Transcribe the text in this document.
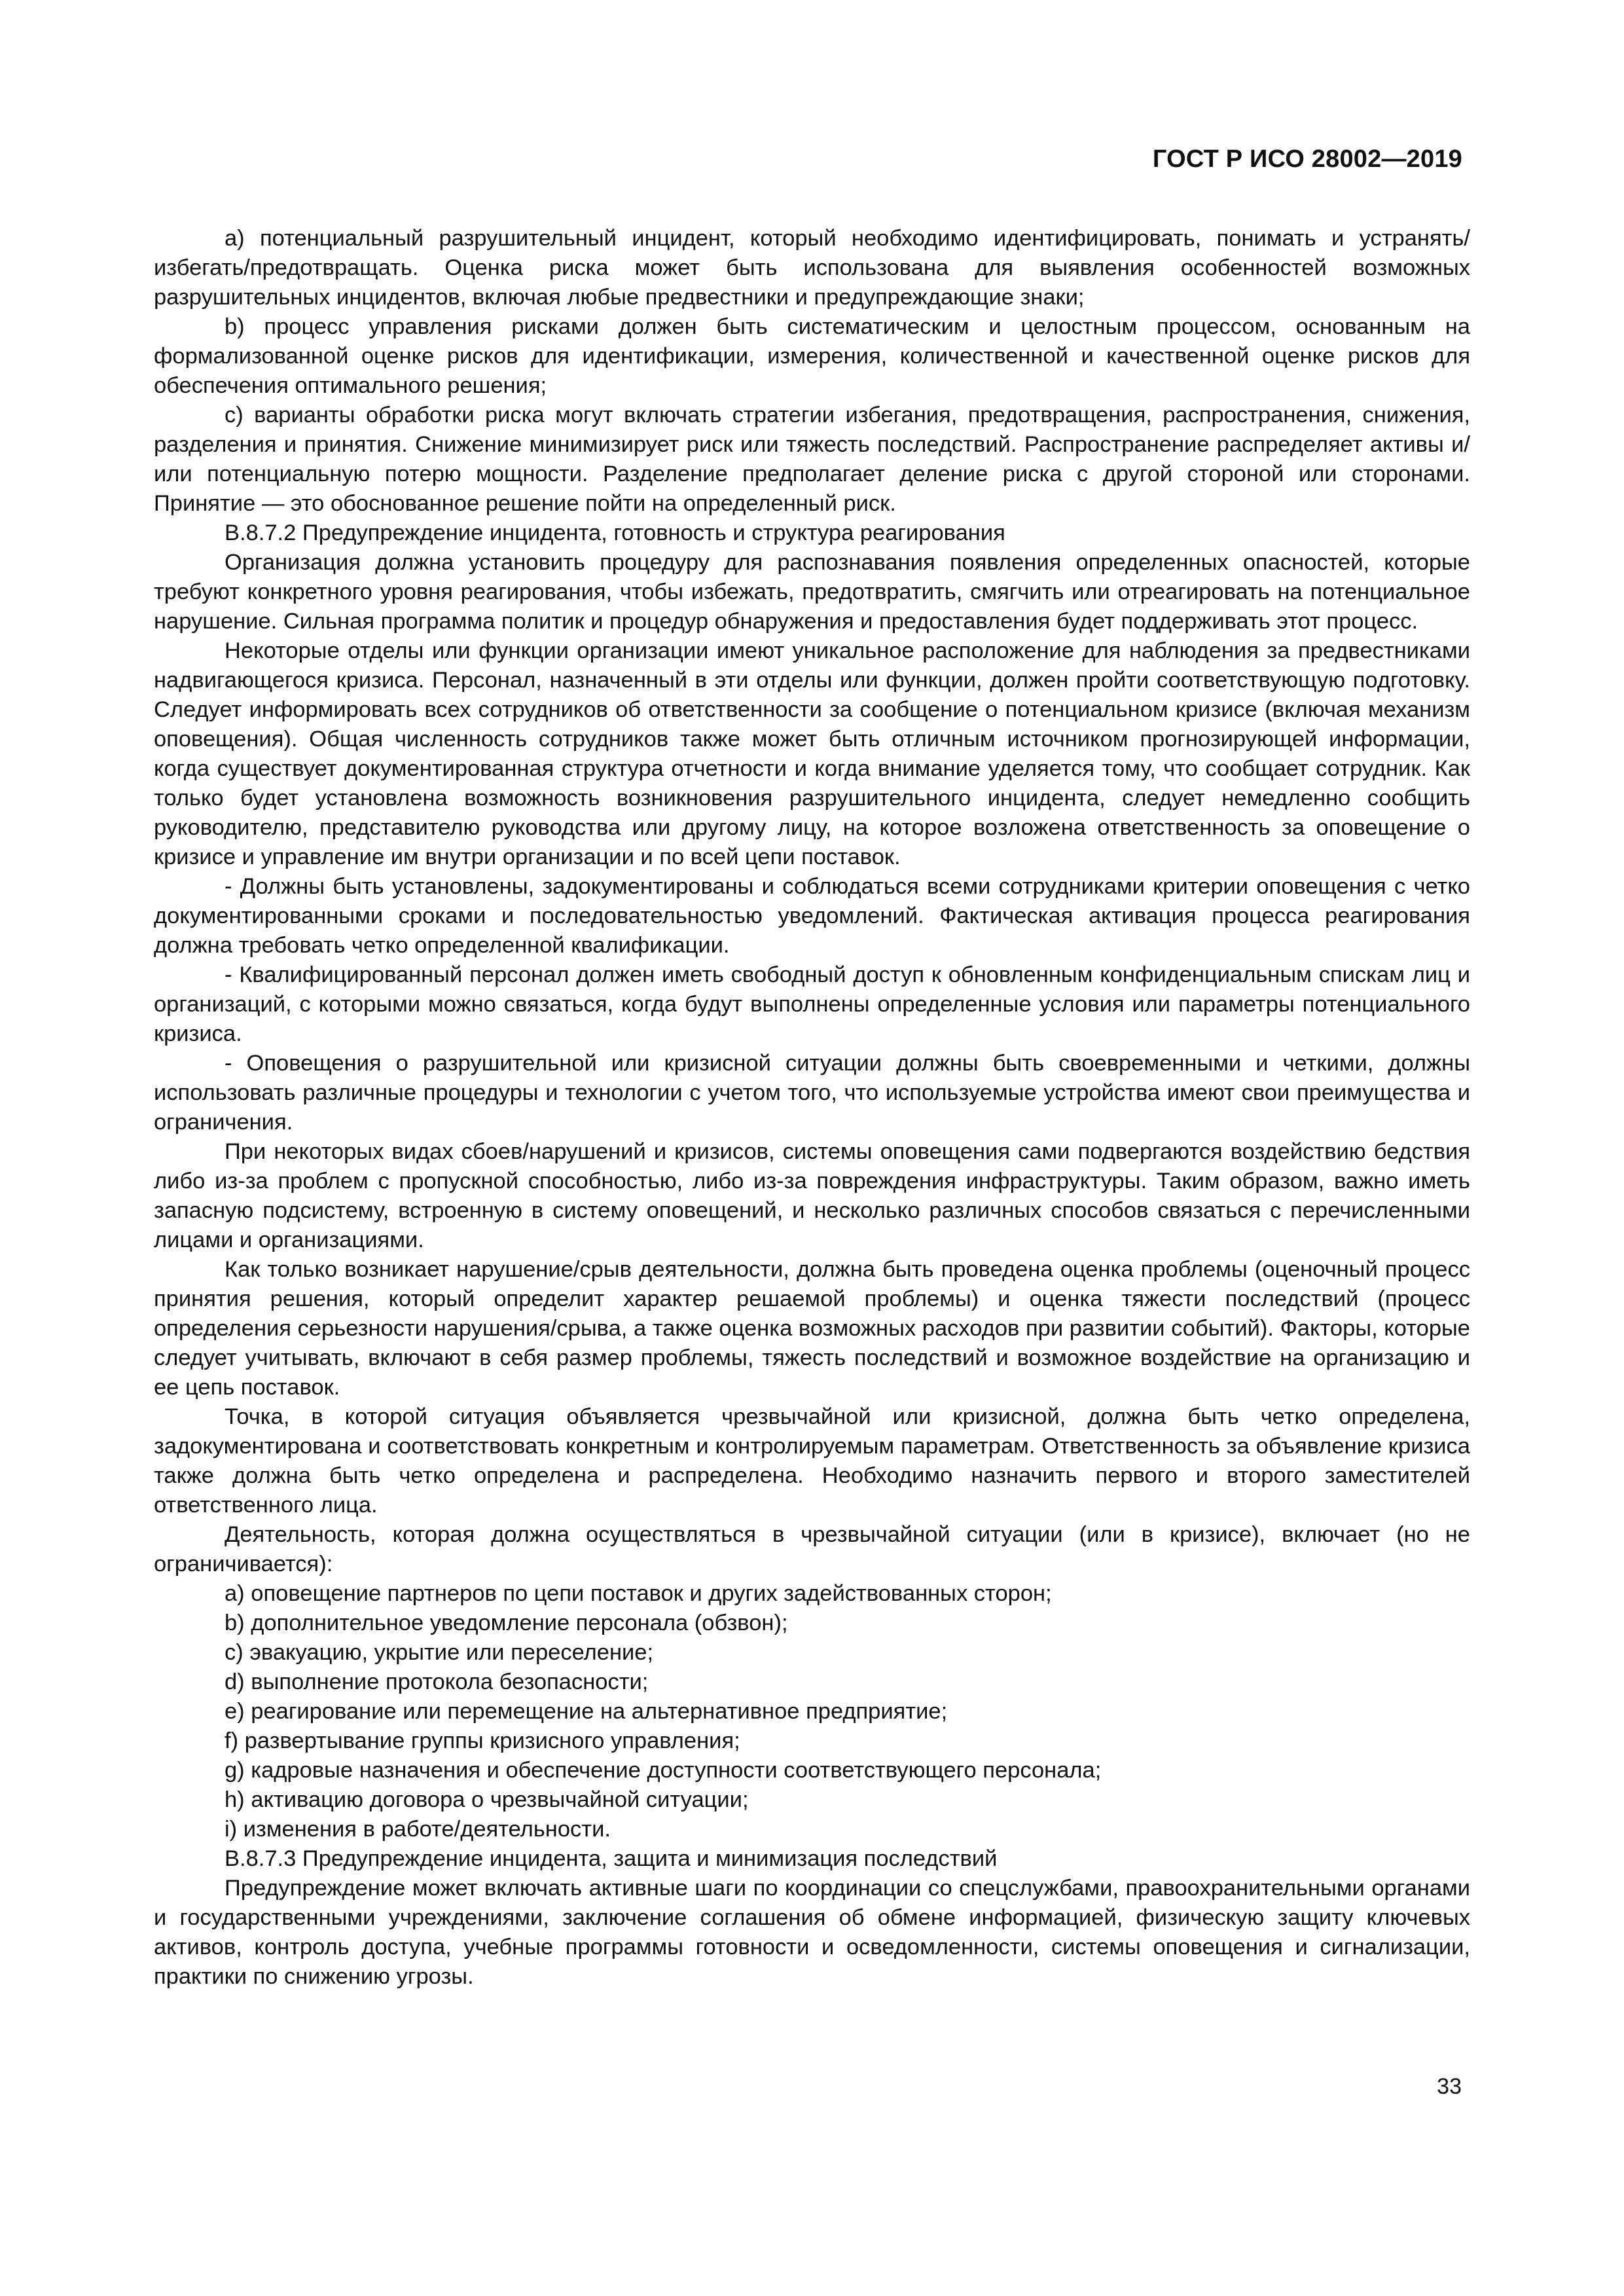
ГОСТ Р ИСО 28002—2019

а) потенциальный разрушительный инцидент, который необходимо идентифицировать, понимать и устранять/избегать/предотвращать. Оценка риска может быть использована для выявления особенностей возможных разрушительных инцидентов, включая любые предвестники и предупреждающие знаки;

b) процесс управления рисками должен быть систематическим и целостным процессом, основанным на формализованной оценке рисков для идентификации, измерения, количественной и качественной оценке рисков для обеспечения оптимального решения;

с) варианты обработки риска могут включать стратегии избегания, предотвращения, распространения, снижения, разделения и принятия. Снижение минимизирует риск или тяжесть последствий. Распространение распределяет активы и/или потенциальную потерю мощности. Разделение предполагает деление риска с другой стороной или сторонами. Принятие — это обоснованное решение пойти на определенный риск.

В.8.7.2 Предупреждение инцидента, готовность и структура реагирования

Организация должна установить процедуру для распознавания появления определенных опасностей, которые требуют конкретного уровня реагирования, чтобы избежать, предотвратить, смягчить или отреагировать на потенциальное нарушение. Сильная программа политик и процедур обнаружения и предоставления будет поддерживать этот процесс.

Некоторые отделы или функции организации имеют уникальное расположение для наблюдения за предвестниками надвигающегося кризиса. Персонал, назначенный в эти отделы или функции, должен пройти соответствующую подготовку. Следует информировать всех сотрудников об ответственности за сообщение о потенциальном кризисе (включая механизм оповещения). Общая численность сотрудников также может быть отличным источником прогнозирующей информации, когда существует документированная структура отчетности и когда внимание уделяется тому, что сообщает сотрудник. Как только будет установлена возможность возникновения разрушительного инцидента, следует немедленно сообщить руководителю, представителю руководства или другому лицу, на которое возложена ответственность за оповещение о кризисе и управление им внутри организации и по всей цепи поставок.

- Должны быть установлены, задокументированы и соблюдаться всеми сотрудниками критерии оповещения с четко документированными сроками и последовательностью уведомлений. Фактическая активация процесса реагирования должна требовать четко определенной квалификации.

- Квалифицированный персонал должен иметь свободный доступ к обновленным конфиденциальным спискам лиц и организаций, с которыми можно связаться, когда будут выполнены определенные условия или параметры потенциального кризиса.

- Оповещения о разрушительной или кризисной ситуации должны быть своевременными и четкими, должны использовать различные процедуры и технологии с учетом того, что используемые устройства имеют свои преимущества и ограничения.

При некоторых видах сбоев/нарушений и кризисов, системы оповещения сами подвергаются воздействию бедствия либо из-за проблем с пропускной способностью, либо из-за повреждения инфраструктуры. Таким образом, важно иметь запасную подсистему, встроенную в систему оповещений, и несколько различных способов связаться с перечисленными лицами и организациями.

Как только возникает нарушение/срыв деятельности, должна быть проведена оценка проблемы (оценочный процесс принятия решения, который определит характер решаемой проблемы) и оценка тяжести последствий (процесс определения серьезности нарушения/срыва, а также оценка возможных расходов при развитии событий). Факторы, которые следует учитывать, включают в себя размер проблемы, тяжесть последствий и возможное воздействие на организацию и ее цепь поставок.

Точка, в которой ситуация объявляется чрезвычайной или кризисной, должна быть четко определена, задокументирована и соответствовать конкретным и контролируемым параметрам. Ответственность за объявление кризиса также должна быть четко определена и распределена. Необходимо назначить первого и второго заместителей ответственного лица.

Деятельность, которая должна осуществляться в чрезвычайной ситуации (или в кризисе), включает (но не ограничивается):

а) оповещение партнеров по цепи поставок и других задействованных сторон;

b) дополнительное уведомление персонала (обзвон);

с) эвакуацию, укрытие или переселение;

d) выполнение протокола безопасности;

е) реагирование или перемещение на альтернативное предприятие;

f) развертывание группы кризисного управления;

g) кадровые назначения и обеспечение доступности соответствующего персонала;

h) активацию договора о чрезвычайной ситуации;

i) изменения в работе/деятельности.

В.8.7.3 Предупреждение инцидента, защита и минимизация последствий

Предупреждение может включать активные шаги по координации со спецслужбами, правоохранительными органами и государственными учреждениями, заключение соглашения об обмене информацией, физическую защиту ключевых активов, контроль доступа, учебные программы готовности и осведомленности, системы оповещения и сигнализации, практики по снижению угрозы.

33
